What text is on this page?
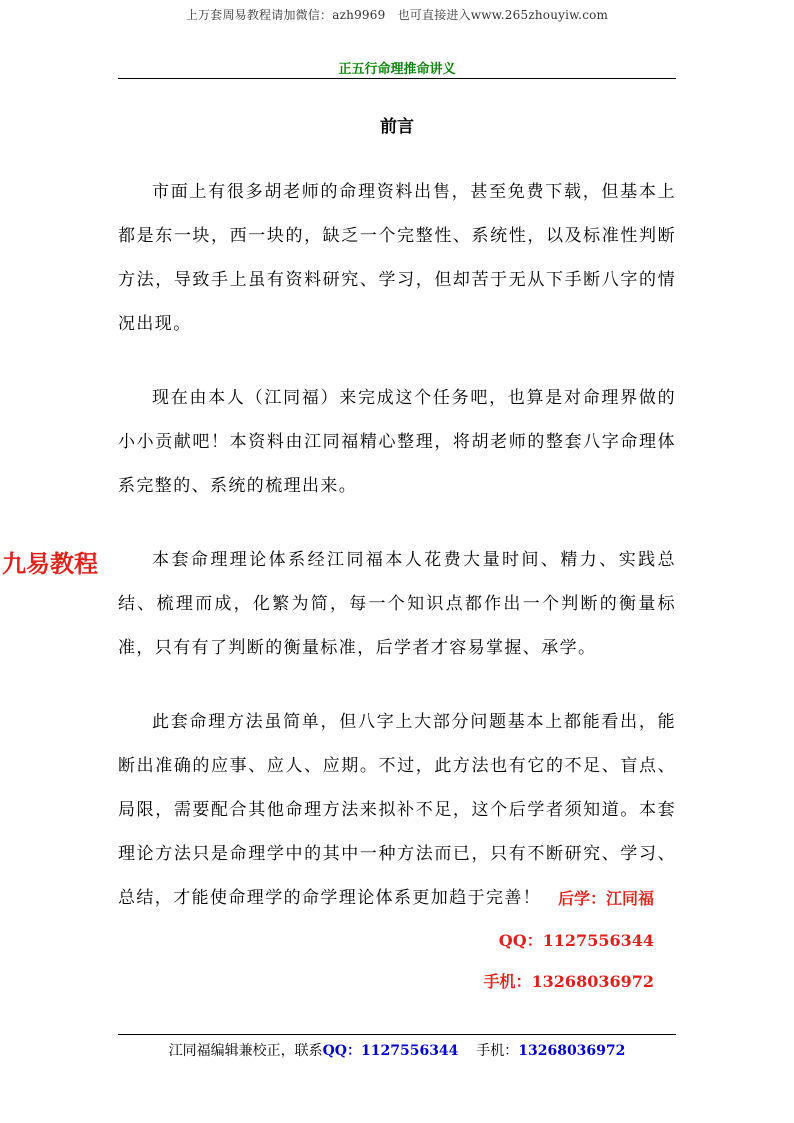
上万套周易教程请加微信：azh9969　也可直接进入www.265zhouyiw.com
正五行命理推命讲义
前言

市面上有很多胡老师的命理资料出售，甚至免费下载，但基本上都是东一块，西一块的，缺乏一个完整性、系统性，以及标准性判断方法，导致手上虽有资料研究、学习，但却苦于无从下手断八字的情况出现。

现在由本人（江同福）来完成这个任务吧，也算是对命理界做的小小贡献吧！本资料由江同福精心整理，将胡老师的整套八字命理体系完整的、系统的梳理出来。

本套命理理论体系经江同福本人花费大量时间、精力、实践总结、梳理而成，化繁为简，每一个知识点都作出一个判断的衡量标准，只有有了判断的衡量标准，后学者才容易掌握、承学。

此套命理方法虽简单，但八字上大部分问题基本上都能看出，能断出准确的应事、应人、应期。不过，此方法也有它的不足、盲点、局限，需要配合其他命理方法来拟补不足，这个后学者须知道。本套理论方法只是命理学中的其中一种方法而已，只有不断研究、学习、总结，才能使命理学的命学理论体系更加趋于完善！

九易教程
后学：江同福
QQ：1127556344
手机：13268036972
江同福编辑兼校正，联系QQ：1127556344 手机：13268036972
